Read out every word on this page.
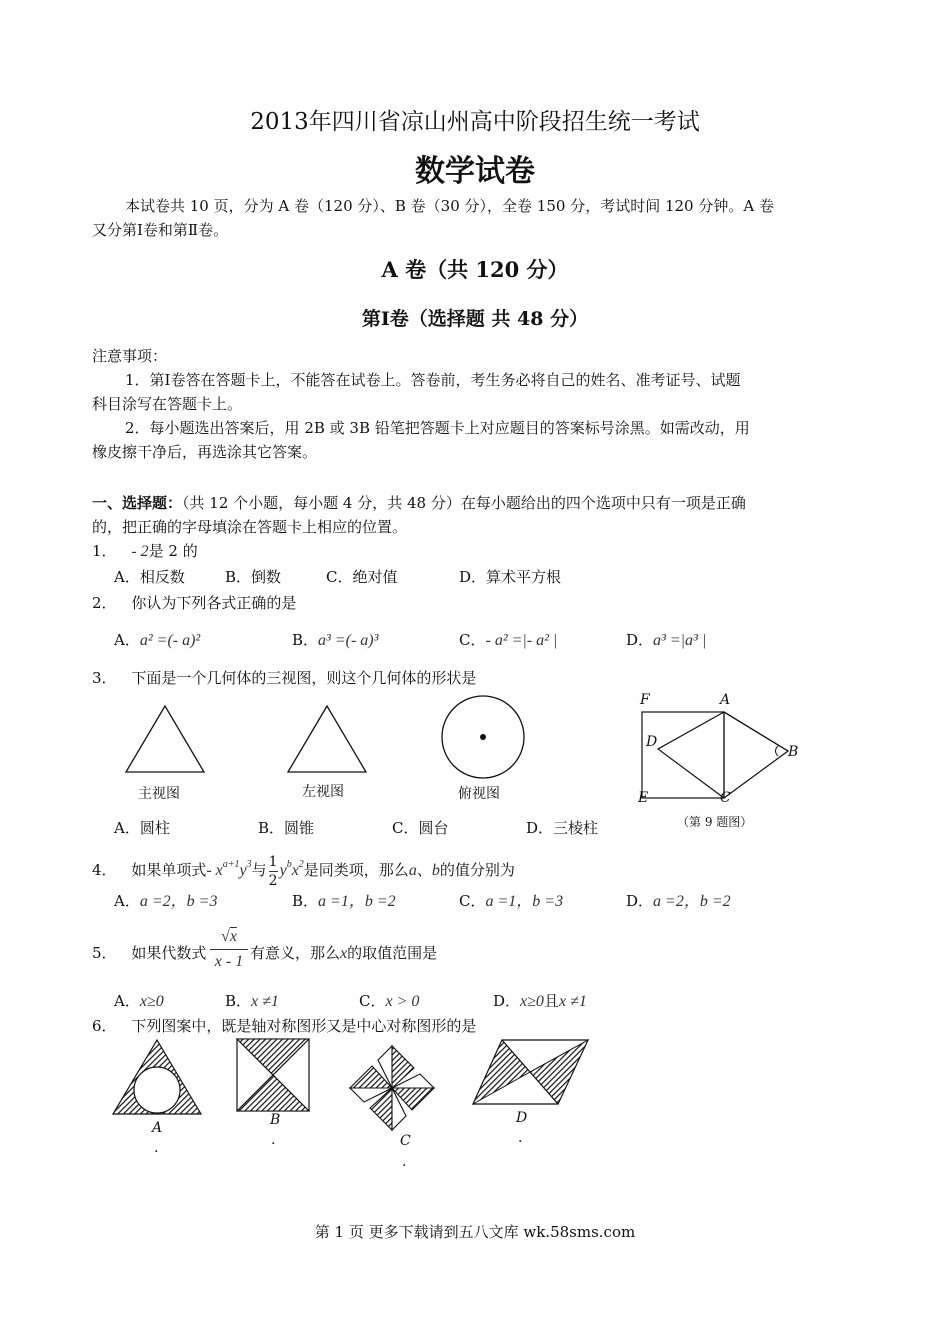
2013年四川省凉山州高中阶段招生统一考试
数学试卷
本试卷共 10 页，分为 A 卷（120 分）、B 卷（30 分），全卷 150 分，考试时间 120 分钟。A 卷
又分第Ⅰ卷和第Ⅱ卷。
A 卷（共 120 分）
第Ⅰ卷（选择题 共 48 分）
注意事项：
1．第Ⅰ卷答在答题卡上，不能答在试卷上。答卷前，考生务必将自己的姓名、准考证号、试题
科目涂写在答题卡上。
2．每小题选出答案后，用 2B 或 3B 铅笔把答题卡上对应题目的答案标号涂黑。如需改动，用
橡皮擦干净后，再选涂其它答案。
一、选择题：（共 12 个小题，每小题 4 分，共 48 分）在每小题给出的四个选项中只有一项是正确
的，把正确的字母填涂在答题卡上相应的位置。
1． - 2是 2 的
A．相反数	B．倒数	C．绝对值	D．算术平方根
2． 你认为下列各式正确的是
A．a² =(- a)²	B．a³ =(- a)³	C．- a² =|- a² |	D．a³ =|a³ |
3． 下面是一个几何体的三视图，则这个几何体的形状是
主视图	左视图	俯视图
A．圆柱	B．圆锥	C．圆台	D．三棱柱
F	A
D
B
E	C
（第 9 题图）
4． 如果单项式- $x^{a+1}y^3$与 $\frac{1}{2} y^bx^2$是同类项，那么a、b的值分别为
A．a =2，b =3	B．a =1，b =2	C．a =1，b =3	D．a =2，b =2
5． 如果代数式 $\frac{√x}{x - 1}$ 有意义，那么x的取值范围是
A．x≥0	B．x ≠1	C．x > 0	D．x≥0且x ≠1
6． 下列图案中，既是轴对称图形又是中心对称图形的是
A
.
B
.	C
.
D
.
第 1 页 更多下载请到五八文库 wk.58sms.com
